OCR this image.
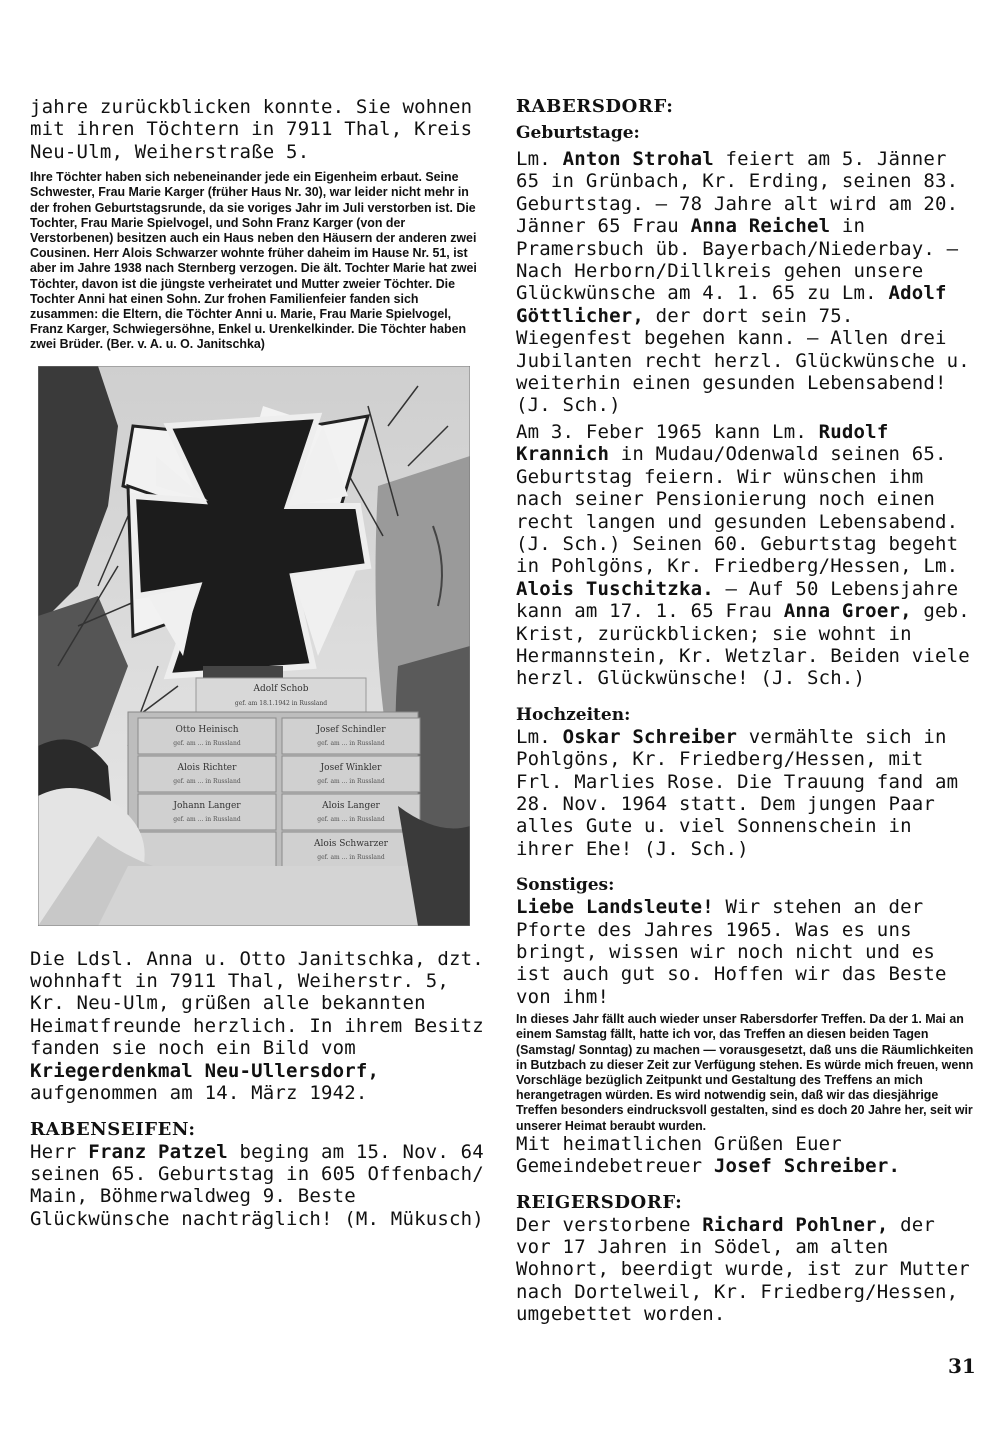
jahre zurückblicken konnte. Sie wohnen mit ihren Töchtern in 7911 Thal, Kreis Neu-Ulm, Weiherstraße 5.

Ihre Töchter haben sich nebeneinander jede ein Eigenheim erbaut. Seine Schwester, Frau Marie Karger (früher Haus Nr. 30), war leider nicht mehr in der frohen Geburtstagsrunde, da sie voriges Jahr im Juli verstorben ist. Die Tochter, Frau Marie Spielvogel, und Sohn Franz Karger (von der Verstorbenen) besitzen auch ein Haus neben den Häusern der anderen zwei Cousinen. Herr Alois Schwarzer wohnte früher daheim im Hause Nr. 51, ist aber im Jahre 1938 nach Sternberg verzogen. Die ält. Tochter Marie hat zwei Töchter, davon ist die jüngste verheiratet und Mutter zweier Töchter. Die Tochter Anni hat einen Sohn. Zur frohen Familienfeier fanden sich zusammen: die Eltern, die Töchter Anni u. Marie, Frau Marie Spielvogel, Franz Karger, Schwiegersöhne, Enkel u. Urenkelkinder. Die Töchter haben zwei Brüder. (Ber. v. A. u. O. Janitschka)

Adolf Schob
gef. am 18.1.1942 in Russland
Otto Heinisch
gef. am ... in Russland
Josef Schindler
gef. am ... in Russland
Alois Richter
gef. am ... in Russland
Josef Winkler
gef. am ... in Russland
Johann Langer
gef. am ... in Russland
Alois Langer
gef. am ... in Russland
Alois Schwarzer
gef. am ... in Russland

Die Ldsl. Anna u. Otto Janitschka, dzt. wohnhaft in 7911 Thal, Weiherstr. 5, Kr. Neu-Ulm, grüßen alle bekannten Heimatfreunde herzlich. In ihrem Besitz fanden sie noch ein Bild vom Kriegerdenkmal Neu-Ullersdorf, aufgenommen am 14. März 1942.

RABENSEIFEN:

Herr Franz Patzel beging am 15. Nov. 64 seinen 65. Geburtstag in 605 Offenbach/ Main, Böhmerwaldweg 9. Beste Glückwünsche nachträglich! (M. Mükusch)

RABERSDORF:

Geburtstage:

Lm. Anton Strohal feiert am 5. Jänner 65 in Grünbach, Kr. Erding, seinen 83. Geburtstag. — 78 Jahre alt wird am 20. Jänner 65 Frau Anna Reichel in Pramersbuch üb. Bayerbach/Niederbay. — Nach Herborn/Dillkreis gehen unsere Glückwünsche am 4. 1. 65 zu Lm. Adolf Göttlicher, der dort sein 75. Wiegenfest begehen kann. — Allen drei Jubilanten recht herzl. Glückwünsche u. weiterhin einen gesunden Lebensabend! (J. Sch.)

Am 3. Feber 1965 kann Lm. Rudolf Krannich in Mudau/Odenwald seinen 65. Geburtstag feiern. Wir wünschen ihm nach seiner Pensionierung noch einen recht langen und gesunden Lebensabend. (J. Sch.) Seinen 60. Geburtstag begeht in Pohlgöns, Kr. Friedberg/Hessen, Lm. Alois Tuschitzka. — Auf 50 Lebensjahre kann am 17. 1. 65 Frau Anna Groer, geb. Krist, zurückblicken; sie wohnt in Hermannstein, Kr. Wetzlar. Beiden viele herzl. Glückwünsche! (J. Sch.)

Hochzeiten:

Lm. Oskar Schreiber vermählte sich in Pohlgöns, Kr. Friedberg/Hessen, mit Frl. Marlies Rose. Die Trauung fand am 28. Nov. 1964 statt. Dem jungen Paar alles Gute u. viel Sonnenschein in ihrer Ehe! (J. Sch.)

Sonstiges:

Liebe Landsleute! Wir stehen an der Pforte des Jahres 1965. Was es uns bringt, wissen wir noch nicht und es ist auch gut so. Hoffen wir das Beste von ihm!

In dieses Jahr fällt auch wieder unser Rabersdorfer Treffen. Da der 1. Mai an einem Samstag fällt, hatte ich vor, das Treffen an diesen beiden Tagen (Samstag/ Sonntag) zu machen — vorausgesetzt, daß uns die Räumlichkeiten in Butzbach zu dieser Zeit zur Verfügung stehen. Es würde mich freuen, wenn Vorschläge bezüglich Zeitpunkt und Gestaltung des Treffens an mich herangetragen würden. Es wird notwendig sein, daß wir das diesjährige Treffen besonders eindrucksvoll gestalten, sind es doch 20 Jahre her, seit wir unserer Heimat beraubt wurden.

Mit heimatlichen Grüßen Euer Gemeindebetreuer Josef Schreiber.

REIGERSDORF:

Der verstorbene Richard Pohlner, der vor 17 Jahren in Södel, am alten Wohnort, beerdigt wurde, ist zur Mutter nach Dortelweil, Kr. Friedberg/Hessen, umgebettet worden.

31
